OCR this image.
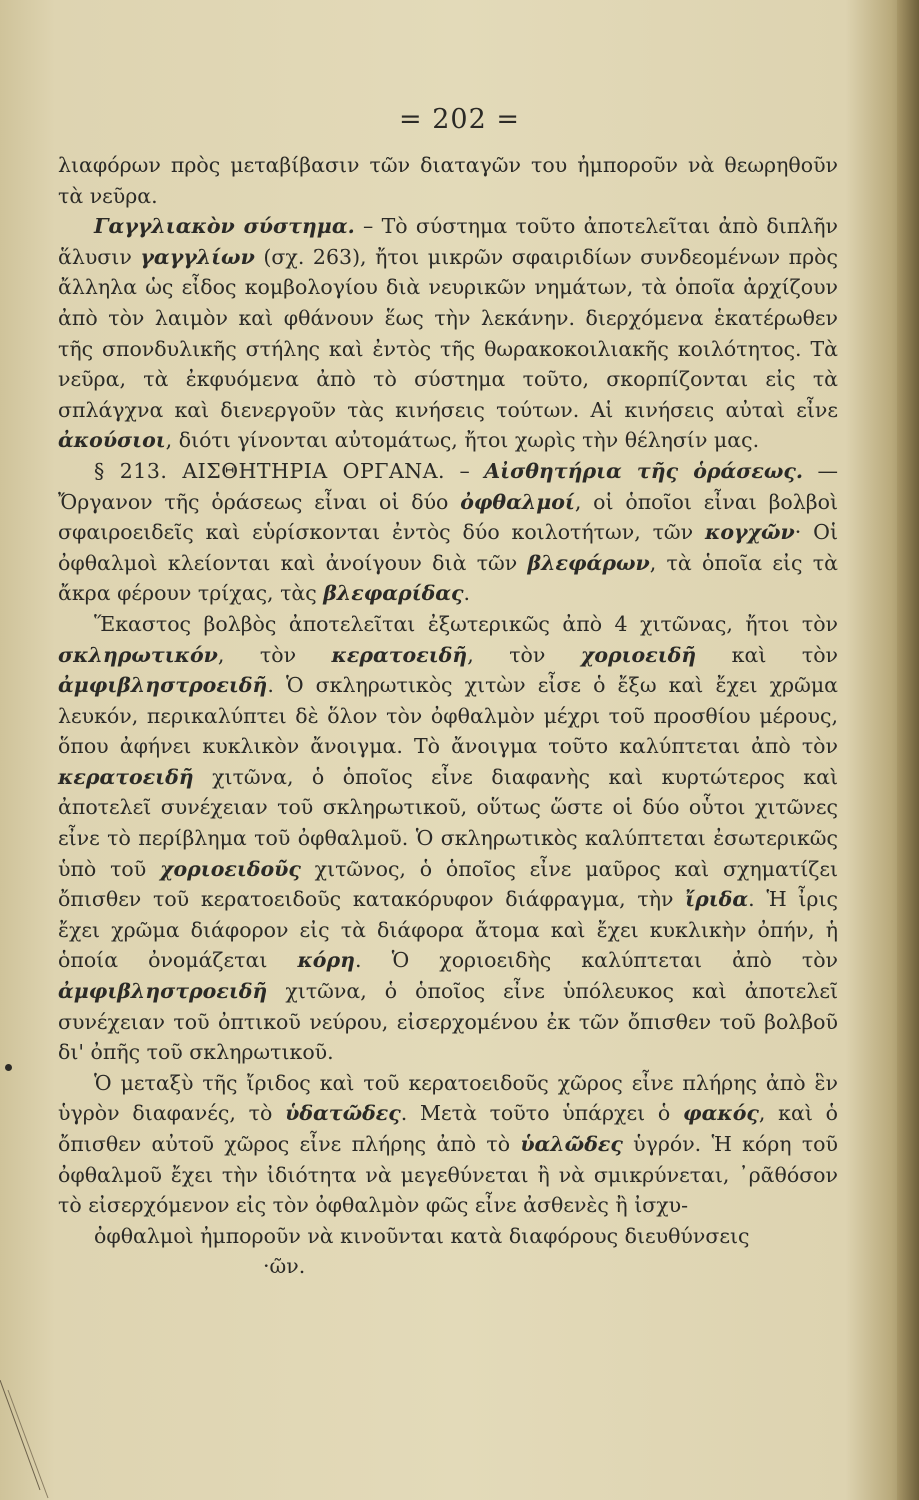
= 202 =

λιαφόρων πρὸς μεταβίβασιν τῶν διαταγῶν του ἠμπορoῦν νὰ θεωρηθοῦν τὰ νεῦρα.

Γαγγλιακὸν σύστημα. – Τὸ σύστημα τοῦτο ἀποτελεῖται ἀπὸ διπλῆν ἅλυσιν γαγγλίων (σχ. 263), ἤτοι μικρῶν σφαιριδίων συνδεομένων πρὸς ἄλληλα ὡς εἶδος κομβολογίου διὰ νευρικῶν νημάτων, τὰ ὁποῖα ἀρχίζουν ἀπὸ τὸν λαιμὸν καὶ φθάνουν ἕως τὴν λεκάνην. διερχόμενα ἑκατέρωθεν τῆς σπονδυλικῆς στήλης καὶ ἐντὸς τῆς θωρακοκοιλιακῆς κοιλότητος. Τὰ νεῦρα, τὰ ἐκφυόμενα ἀπὸ τὸ σύστημα τοῦτο, σκορπίζονται εἰς τὰ σπλάγχνα καὶ διενεργοῦν τὰς κινήσεις τούτων. Αἱ κινήσεις αὐταὶ εἶνε ἀκούσιοι, διότι γίνονται αὐτομάτως, ἤτοι χωρὶς τὴν θέλησίν μας.

§ 213. ΑΙΣΘΗΤΗΡΙΑ ΟΡΓΑΝΑ. – Αἰσθητήρια τῆς ὁράσεως. —Ὄργανον τῆς ὁράσεως εἶναι οἱ δύο ὀφθαλμοί, οἱ ὁποῖοι εἶναι βολβοὶ σφαιροειδεῖς καὶ εὑρίσκονται ἐντὸς δύο κοιλοτήτων, τῶν κογχῶν· Οἱ ὀφθαλμοὶ κλείονται καὶ ἀνοίγουν διὰ τῶν βλεφάρων, τὰ ὁποῖα εἰς τὰ ἄκρα φέρουν τρίχας, τὰς βλεφαρίδας.

Ἕκαστος βολβὸς ἀποτελεῖται ἐξωτερικῶς ἀπὸ 4 χιτῶνας, ἤτοι τὸν σκληρωτικόν, τὸν κερατοειδῆ, τὸν χοριοειδῆ καὶ τὸν ἀμφιβληστροειδῆ. Ὁ σκληρωτικὸς χιτὼν εἶσε ὁ ἔξω καὶ ἔχει χρῶμα λευκόν, περικαλύπτει δὲ ὅλον τὸν ὀφθαλμὸν μέχρι τοῦ προσθίου μέρους, ὅπου ἀφήνει κυκλικὸν ἄνοιγμα. Τὸ ἄνοιγμα τοῦτο καλύπτεται ἀπὸ τὸν κερατοειδῆ χιτῶνα, ὁ ὁποῖος εἶνε διαφανὴς καὶ κυρτώτερος καὶ ἀποτελεῖ συνέχειαν τοῦ σκληρωτικοῦ, οὕτως ὥστε οἱ δύο οὗτοι χιτῶνες εἶνε τὸ περίβλημα τοῦ ὀφθαλμοῦ. Ὁ σκληρωτικὸς καλύπτεται ἐσωτερικῶς ὑπὸ τοῦ χοριοειδοῦς χιτῶνος, ὁ ὁποῖος εἶνε μαῦρος καὶ σχηματίζει ὄπισθεν τοῦ κερατοειδοῦς κατακόρυφον διάφραγμα, τὴν ἴριδα. Ἡ ἶρις ἔχει χρῶμα διάφορον εἰς τὰ διάφορα ἄτομα καὶ ἔχει κυκλικὴν ὀπήν, ἡ ὁποία ὀνομάζεται κόρη. Ὁ χοριοειδὴς καλύπτεται ἀπὸ τὸν ἀμφιβληστροειδῆ χιτῶνα, ὁ ὁποῖος εἶνε ὑπόλευκος καὶ ἀποτελεῖ συνέχειαν τοῦ ὀπτικοῦ νεύρου, εἰσερχομένου ἐκ τῶν ὄπισθεν τοῦ βολβοῦ δι' ὀπῆς τοῦ σκληρωτικοῦ.

Ὁ μεταξὺ τῆς ἴριδος καὶ τοῦ κερατοειδοῦς χῶρος εἶνε πλήρης ἀπὸ ἓν ὑγρὸν διαφανές, τὸ ὑδατῶδες. Μετὰ τοῦτο ὑπάρχει ὁ φακός, καὶ ὁ ὄπισθεν αὐτοῦ χῶρος εἶνε πλήρης ἀπὸ τὸ ὑαλῶδες ὑγρόν. Ἡ κόρη τοῦ ὀφθαλμοῦ ἔχει τὴν ἰδιότητα νὰ μεγεθύνεται ἢ νὰ σμικρύνεται, ᾽ρᾶθόσον τὸ εἰσερχόμενον εἰς τὸν ὀφθαλμὸν φῶς εἶνε ἀσθενὲς ἢ ἰσχυ-

ὀφθαλμοὶ ἠμπορoῦν νὰ κινοῦνται κατὰ διαφόρους διευθύνσεις

·ῶν.
